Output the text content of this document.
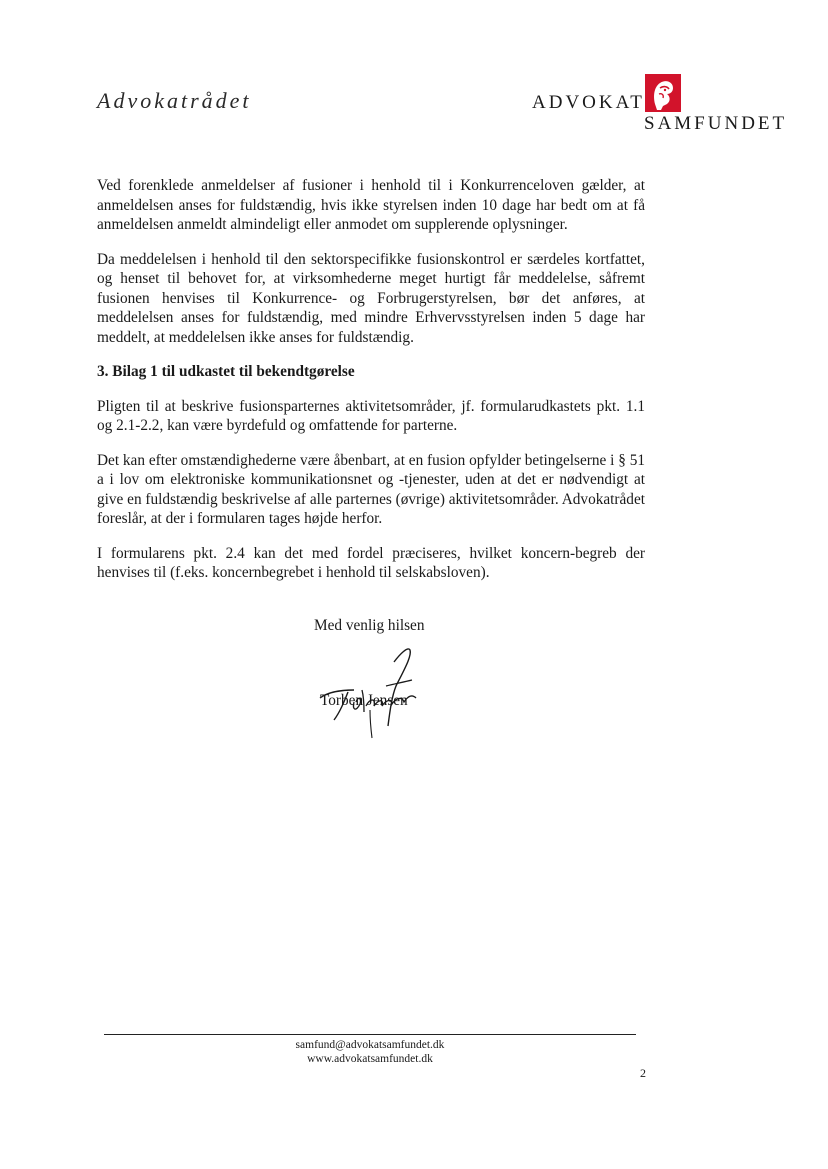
Advokatrådet	ADVOKAT
SAMFUNDET

Ved forenklede anmeldelser af fusioner i henhold til i Konkurrenceloven gælder, at anmeldelsen anses for fuldstændig, hvis ikke styrelsen inden 10 dage har bedt om at få anmeldelsen anmeldt almindeligt eller anmodet om supplerende oplysninger.

Da meddelelsen i henhold til den sektorspecifikke fusionskontrol er særdeles kortfattet, og henset til behovet for, at virksomhederne meget hurtigt får meddelelse, såfremt fusionen henvises til Konkurrence- og Forbrugerstyrelsen, bør det anføres, at meddelelsen anses for fuldstændig, med mindre Erhvervsstyrelsen inden 5 dage har meddelt, at meddelelsen ikke anses for fuldstændig.

3. Bilag 1 til udkastet til bekendtgørelse

Pligten til at beskrive fusionsparternes aktivitetsområder, jf. formularudkastets pkt. 1.1 og 2.1-2.2, kan være byrdefuld og omfattende for parterne.

Det kan efter omstændighederne være åbenbart, at en fusion opfylder betingelserne i § 51 a i lov om elektroniske kommunikationsnet og -tjenester, uden at det er nødvendigt at give en fuldstændig beskrivelse af alle parternes (øvrige) aktivitetsområder. Advokatrådet foreslår, at der i formularen tages højde herfor.

I formularens pkt. 2.4 kan det med fordel præciseres, hvilket koncern-begreb der henvises til (f.eks. koncernbegrebet i henhold til selskabsloven).

Med venlig hilsen
Torben Jensen
samfund@advokatsamfundet.dk
www.advokatsamfundet.dk
2
